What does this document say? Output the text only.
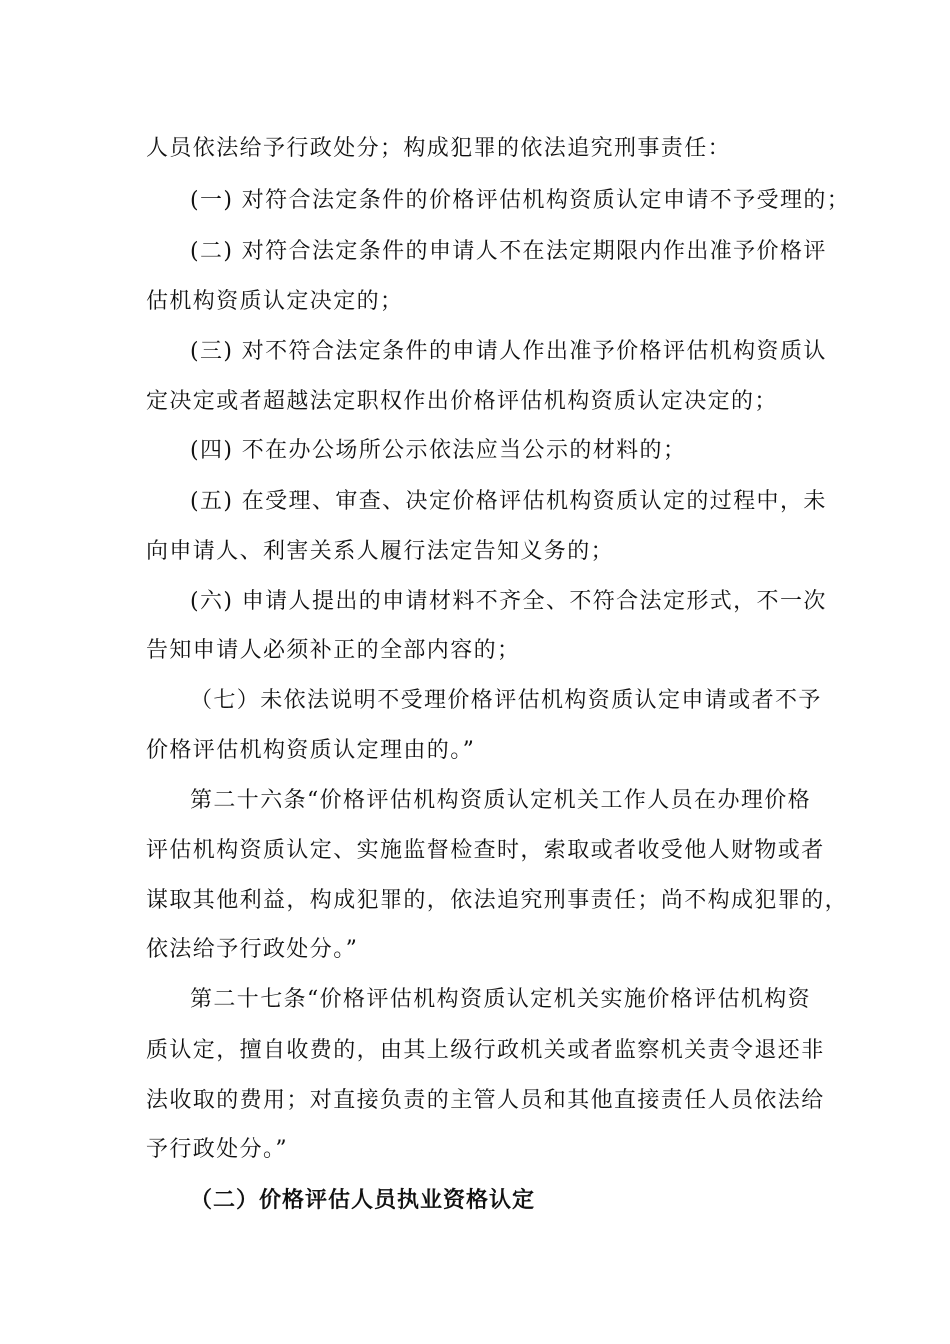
人员依法给予行政处分；构成犯罪的依法追究刑事责任：
(一) 对符合法定条件的价格评估机构资质认定申请不予受理的；
(二) 对符合法定条件的申请人不在法定期限内作出准予价格评
估机构资质认定决定的；
(三) 对不符合法定条件的申请人作出准予价格评估机构资质认
定决定或者超越法定职权作出价格评估机构资质认定决定的；
(四) 不在办公场所公示依法应当公示的材料的；
(五) 在受理、审查、决定价格评估机构资质认定的过程中，未
向申请人、利害关系人履行法定告知义务的；
(六) 申请人提出的申请材料不齐全、不符合法定形式，不一次
告知申请人必须补正的全部内容的；
（七）未依法说明不受理价格评估机构资质认定申请或者不予
价格评估机构资质认定理由的。”
第二十六条“价格评估机构资质认定机关工作人员在办理价格
评估机构资质认定、实施监督检查时，索取或者收受他人财物或者
谋取其他利益，构成犯罪的，依法追究刑事责任；尚不构成犯罪的，
依法给予行政处分。”
第二十七条“价格评估机构资质认定机关实施价格评估机构资
质认定，擅自收费的，由其上级行政机关或者监察机关责令退还非
法收取的费用；对直接负责的主管人员和其他直接责任人员依法给
予行政处分。”
（二）价格评估人员执业资格认定
